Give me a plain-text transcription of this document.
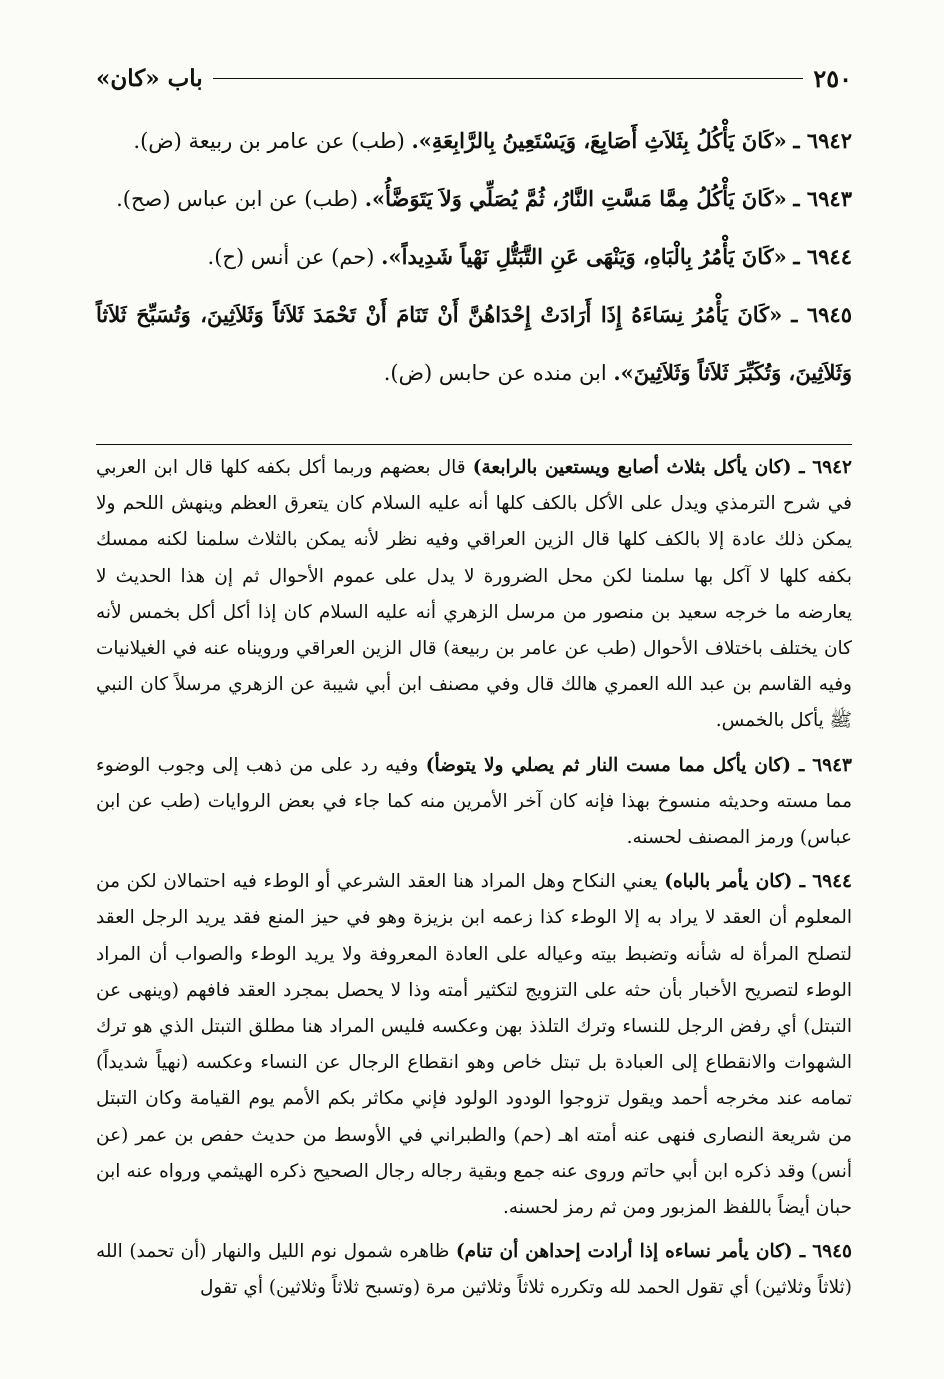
٢٥٠
باب «كان»

٦٩٤٢ ـ «كَانَ يَأْكُلُ بِثَلاَثِ أَصَابِعَ، وَيَسْتَعِينُ بِالرَّابِعَةِ». (طب) عن عامر بن ربيعة (ض).

٦٩٤٣ ـ «كَانَ يَأْكُلُ مِمَّا مَسَّتِ النَّارُ، ثُمَّ يُصَلِّي وَلاَ يَتَوَضَّأُ». (طب) عن ابن عباس (صح).

٦٩٤٤ ـ «كَانَ يَأْمُرُ بِالْبَاهِ، وَيَنْهَى عَنِ التَّبَتُّلِ نَهْياً شَدِيداً». (حم) عن أنس (ح).

٦٩٤٥ ـ «كَانَ يَأْمُرُ نِسَاءَهُ إِذَا أَرَادَتْ إِحْدَاهُنَّ أَنْ تَنَامَ أَنْ تَحْمَدَ ثَلاَثاً وَثَلاَثِينَ، وَتُسَبِّحَ ثَلاَثاً وَثَلاَثِينَ، وَتُكَبِّرَ ثَلاَثاً وَثَلاَثِينَ». ابن منده عن حابس (ض).

٦٩٤٢ ـ (كان يأكل بثلاث أصابع ويستعين بالرابعة) قال بعضهم وربما أكل بكفه كلها قال ابن العربي في شرح الترمذي ويدل على الأكل بالكف كلها أنه عليه السلام كان يتعرق العظم وينهش اللحم ولا يمكن ذلك عادة إلا بالكف كلها قال الزين العراقي وفيه نظر لأنه يمكن بالثلاث سلمنا لكنه ممسك بكفه كلها لا آكل بها سلمنا لكن محل الضرورة لا يدل على عموم الأحوال ثم إن هذا الحديث لا يعارضه ما خرجه سعيد بن منصور من مرسل الزهري أنه عليه السلام كان إذا أكل أكل بخمس لأنه كان يختلف باختلاف الأحوال (طب عن عامر بن ربيعة) قال الزين العراقي ورويناه عنه في الغيلانيات وفيه القاسم بن عبد الله العمري هالك قال وفي مصنف ابن أبي شيبة عن الزهري مرسلاً كان النبي ﷺ يأكل بالخمس.

٦٩٤٣ ـ (كان يأكل مما مست النار ثم يصلي ولا يتوضأ) وفيه رد على من ذهب إلى وجوب الوضوء مما مسته وحديثه منسوخ بهذا فإنه كان آخر الأمرين منه كما جاء في بعض الروايات (طب عن ابن عباس) ورمز المصنف لحسنه.

٦٩٤٤ ـ (كان يأمر بالباه) يعني النكاح وهل المراد هنا العقد الشرعي أو الوطء فيه احتمالان لكن من المعلوم أن العقد لا يراد به إلا الوطء كذا زعمه ابن بزيزة وهو في حيز المنع فقد يريد الرجل العقد لتصلح المرأة له شأنه وتضبط بيته وعياله على العادة المعروفة ولا يريد الوطء والصواب أن المراد الوطء لتصريح الأخبار بأن حثه على التزويج لتكثير أمته وذا لا يحصل بمجرد العقد فافهم (وينهى عن التبتل) أي رفض الرجل للنساء وترك التلذذ بهن وعكسه فليس المراد هنا مطلق التبتل الذي هو ترك الشهوات والانقطاع إلى العبادة بل تبتل خاص وهو انقطاع الرجال عن النساء وعكسه (نهياً شديداً) تمامه عند مخرجه أحمد ويقول تزوجوا الودود الولود فإني مكاثر بكم الأمم يوم القيامة وكان التبتل من شريعة النصارى فنهى عنه أمته اهـ (حم) والطبراني في الأوسط من حديث حفص بن عمر (عن أنس) وقد ذكره ابن أبي حاتم وروى عنه جمع وبقية رجاله رجال الصحيح ذكره الهيثمي ورواه عنه ابن حبان أيضاً باللفظ المزبور ومن ثم رمز لحسنه.

٦٩٤٥ ـ (كان يأمر نساءه إذا أرادت إحداهن أن تنام) ظاهره شمول نوم الليل والنهار (أن تحمد) الله (ثلاثاً وثلاثين) أي تقول الحمد لله وتكرره ثلاثاً وثلاثين مرة (وتسبح ثلاثاً وثلاثين) أي تقول
